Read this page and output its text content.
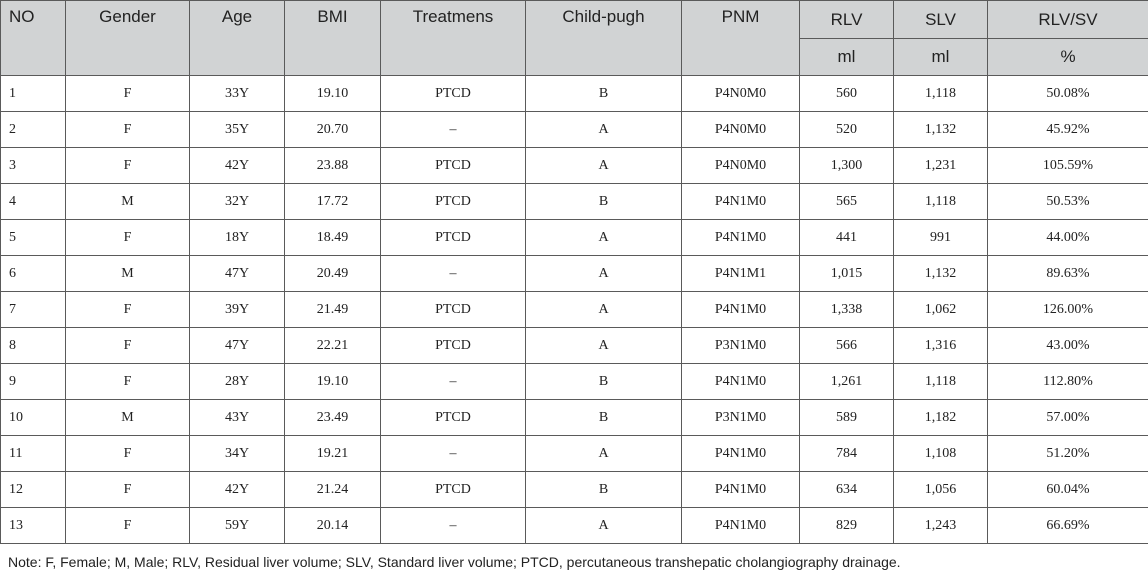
NO	Gender	Age	BMI	Treatmens	Child-pugh	PNM	RLV	SLV	RLV/SV
							ml	ml	%
1	F	33Y	19.10	PTCD	B	P4N0M0	560	1,118	50.08%
2	F	35Y	20.70	–	A	P4N0M0	520	1,132	45.92%
3	F	42Y	23.88	PTCD	A	P4N0M0	1,300	1,231	105.59%
4	M	32Y	17.72	PTCD	B	P4N1M0	565	1,118	50.53%
5	F	18Y	18.49	PTCD	A	P4N1M0	441	991	44.00%
6	M	47Y	20.49	–	A	P4N1M1	1,015	1,132	89.63%
7	F	39Y	21.49	PTCD	A	P4N1M0	1,338	1,062	126.00%
8	F	47Y	22.21	PTCD	A	P3N1M0	566	1,316	43.00%
9	F	28Y	19.10	–	B	P4N1M0	1,261	1,118	112.80%
10	M	43Y	23.49	PTCD	B	P3N1M0	589	1,182	57.00%
11	F	34Y	19.21	–	A	P4N1M0	784	1,108	51.20%
12	F	42Y	21.24	PTCD	B	P4N1M0	634	1,056	60.04%
13	F	59Y	20.14	–	A	P4N1M0	829	1,243	66.69%
Note: F, Female; M, Male; RLV, Residual liver volume; SLV, Standard liver volume; PTCD, percutaneous transhepatic cholangiography drainage.
